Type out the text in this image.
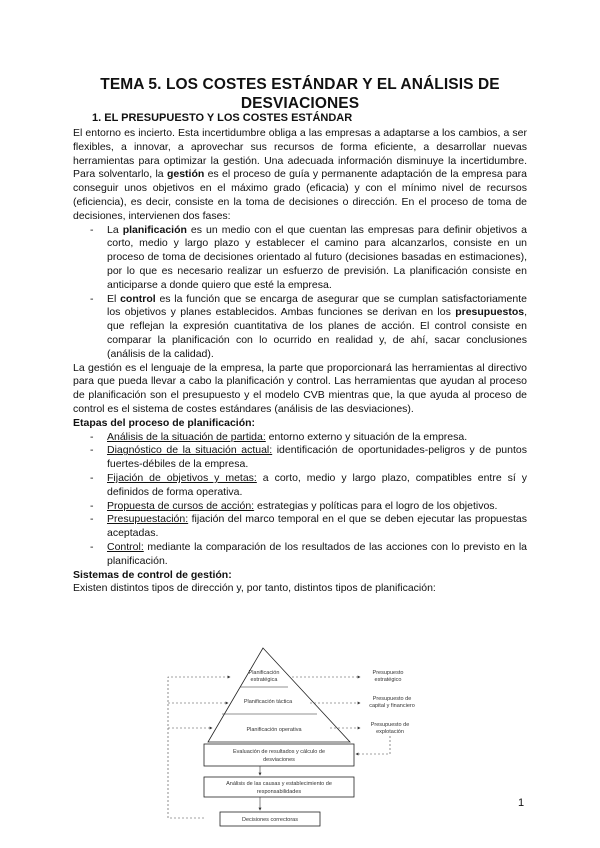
TEMA 5. LOS COSTES ESTÁNDAR Y EL ANÁLISIS DE DESVIACIONES
1. EL PRESUPUESTO Y LOS COSTES ESTÁNDAR

El entorno es incierto. Esta incertidumbre obliga a las empresas a adaptarse a los cambios, a ser flexibles, a innovar, a aprovechar sus recursos de forma eficiente, a desarrollar nuevas herramientas para optimizar la gestión. Una adecuada información disminuye la incertidumbre. Para solventarlo, la gestión es el proceso de guía y permanente adaptación de la empresa para conseguir unos objetivos en el máximo grado (eficacia) y con el mínimo nivel de recursos (eficiencia), es decir, consiste en la toma de decisiones o dirección. En el proceso de toma de decisiones, intervienen dos fases:

- La planificación es un medio con el que cuentan las empresas para definir objetivos a corto, medio y largo plazo y establecer el camino para alcanzarlos, consiste en un proceso de toma de decisiones orientado al futuro (decisiones basadas en estimaciones), por lo que es necesario realizar un esfuerzo de previsión. La planificación consiste en anticiparse a donde quiero que esté la empresa.
- El control es la función que se encarga de asegurar que se cumplan satisfactoriamente los objetivos y planes establecidos. Ambas funciones se derivan en los presupuestos, que reflejan la expresión cuantitativa de los planes de acción. El control consiste en comparar la planificación con lo ocurrido en realidad y, de ahí, sacar conclusiones (análisis de la calidad).

La gestión es el lenguaje de la empresa, la parte que proporcionará las herramientas al directivo para que pueda llevar a cabo la planificación y control. Las herramientas que ayudan al proceso de planificación son el presupuesto y el modelo CVB mientras que, la que ayuda al proceso de control es el sistema de costes estándares (análisis de las desviaciones).

Etapas del proceso de planificación:

- Análisis de la situación de partida: entorno externo y situación de la empresa.
- Diagnóstico de la situación actual: identificación de oportunidades-peligros y de puntos fuertes-débiles de la empresa.
- Fijación de objetivos y metas: a corto, medio y largo plazo, compatibles entre sí y definidos de forma operativa.
- Propuesta de cursos de acción: estrategias y políticas para el logro de los objetivos.
- Presupuestación: fijación del marco temporal en el que se deben ejecutar las propuestas aceptadas.
- Control: mediante la comparación de los resultados de las acciones con lo previsto en la planificación.

Sistemas de control de gestión:

Existen distintos tipos de dirección y, por tanto, distintos tipos de planificación:

Planificación
estratégica
Planificación táctica
Planificación operativa
Evaluación de resultados y cálculo de
desviaciones
Análisis de las causas y establecimiento de
responsabilidades
Decisiones correctoras
Presupuesto
estratégico
Presupuesto de
capital y financiero
Presupuesto de
explotación
1
